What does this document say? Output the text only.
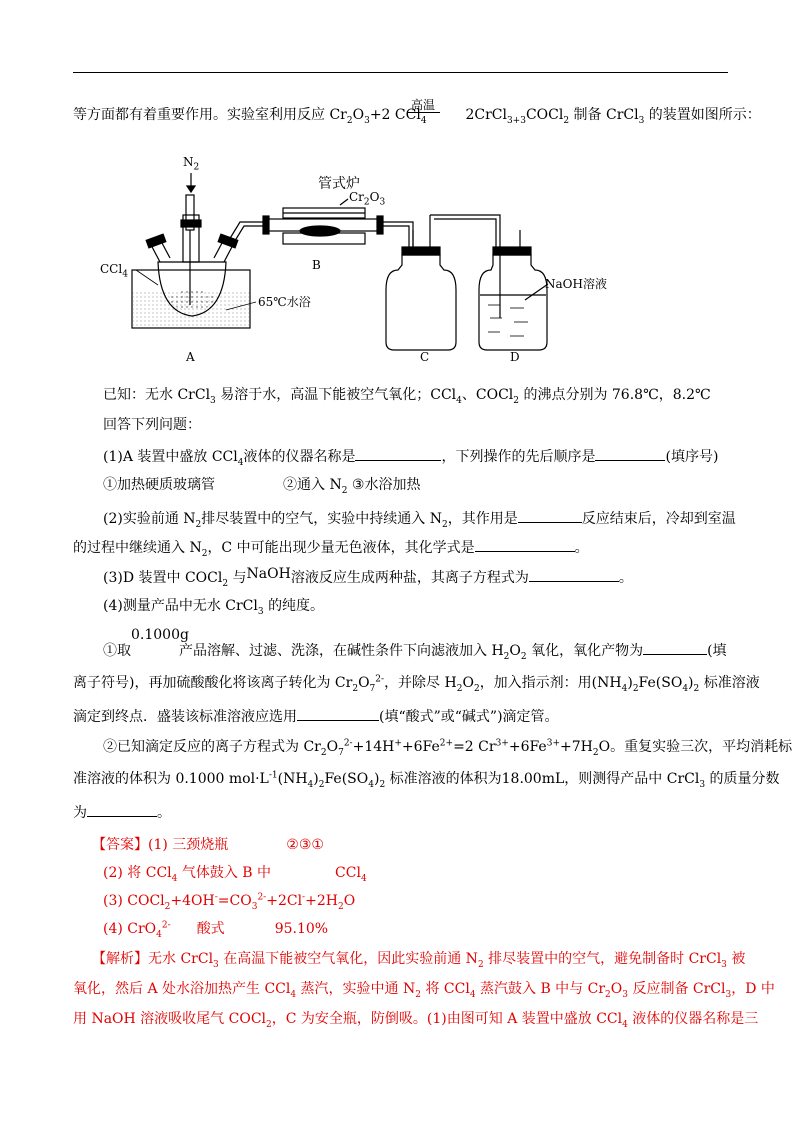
等方面都有着重要作用。实验室利用反应 $Cr_2O_3+2$ CCl$_4$  2CrCl$_{3+3}$COCl$_2$ 制备 CrCl$_3$ 的装置如图所示：
高温
$N_2$
管式炉
$Cr_2O_3$
CCl$_4$
65℃水浴
NaOH溶液
A
B
C	D
已知：无水 CrCl$_3$ 易溶于水，高温下能被空气氧化；CCl$_4$、COCl$_2$ 的沸点分别为 76.8℃，8.2℃
回答下列问题：
(1)A 装置中盛放 CCl$_4$液体的仪器名称是	，下列操作的先后顺序是	(填序号)
①加热硬质玻璃管	②通入 $N_2$ ③水浴加热
(2)实验前通 $N_2$排尽装置中的空气，实验中持续通入 $N_2$，其作用是	反应结束后，冷却到室温
的过程中继续通入 $N_2$，C 中可能出现少量无色液体，其化学式是	。
(3)D 装置中 COCl$_2$ 与NaOH溶液反应生成两种盐，其离子方程式为	。
(4)测量产品中无水 CrCl$_3$ 的纯度。
0.1000g
①取	产品溶解、过滤、洗涤，在碱性条件下向滤液加入 $H_2O_2$ 氧化，氧化产物为	(填
离子符号)，再加硫酸酸化将该离子转化为 $Cr_2O_7^{2-}$，并除尽 $H_2O_2$，加入指示剂：用$(NH_4)_2Fe(SO_4)_2$ 标准溶液
滴定到终点．盛装该标准溶液应选用	(填“酸式”或“碱式”)滴定管。
②已知滴定反应的离子方程式为 $Cr_2O_7^{2-}+14H^++6Fe^{2+}=2$ $Cr^{3+}+6Fe^{3+}+7H_2O$。重复实验三次，平均消耗标
准溶液的体积为 0.1000 $mol\cdot L^{-1}(NH_4)_2Fe(SO_4)_2$ 标准溶液的体积为18.00mL，则测得产品中 CrCl$_3$ 的质量分数
为	。
【答案】(1) 三颈烧瓶	②③①
(2) 将 CCl$_4$ 气体鼓入 B 中	CCl$_4$
(3) $COCl_2+4OH^-=CO_3^{2-}+2Cl^-+2H_2O$
(4) CrO$_4^{2-}$ 酸式	95.10%
【解析】无水 CrCl$_3$ 在高温下能被空气氧化，因此实验前通 $N_2$ 排尽装置中的空气，避免制备时 CrCl$_3$ 被
氧化，然后 A 处水浴加热产生 CCl$_4$ 蒸汽，实验中通 $N_2$ 将 CCl$_4$ 蒸汽鼓入 B 中与 $Cr_2O_3$ 反应制备 CrCl$_3$，D 中
用 NaOH 溶液吸收尾气 COCl$_2$，C 为安全瓶，防倒吸。(1)由图可知 A 装置中盛放 CCl$_4$ 液体的仪器名称是三
